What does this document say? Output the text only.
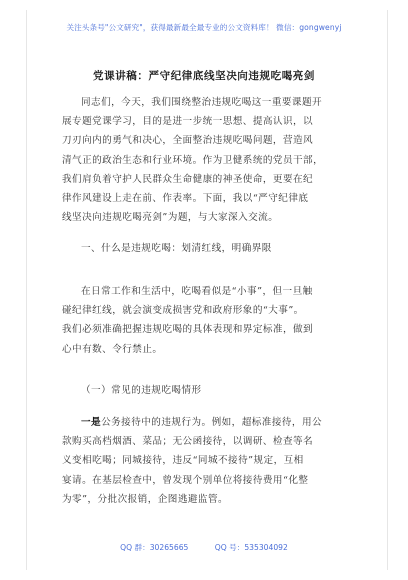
关注头条号"公文研究"，获得最新最全最专业的公文资料库！ 微信：gongwenyj
党课讲稿：严守纪律底线坚决向违规吃喝亮剑
同志们，今天，我们围绕整治违规吃喝这一重要课题开
展专题党课学习，目的是进一步统一思想、提高认识，以
刀刃向内的勇气和决心，全面整治违规吃喝问题，营造风
清气正的政治生态和行业环境。作为卫健系统的党员干部，
我们肩负着守护人民群众生命健康的神圣使命，更要在纪
律作风建设上走在前、作表率。下面，我以“严守纪律底
线坚决向违规吃喝亮剑”为题，与大家深入交流。
一、什么是违规吃喝：划清红线，明确界限
在日常工作和生活中，吃喝看似是“小事”，但一旦触
碰纪律红线，就会演变成损害党和政府形象的“大事”。
我们必须准确把握违规吃喝的具体表现和界定标准，做到
心中有数、令行禁止。
（一）常见的违规吃喝情形
一是公务接待中的违规行为。例如，超标准接待，用公
款购买高档烟酒、菜品；无公函接待，以调研、检查等名
义变相吃喝；同城接待，违反“同城不接待”规定，互相
宴请。在基层检查中，曾发现个别单位将接待费用“化整
为零”，分批次报销，企图逃避监管。
QQ 群：30265665	QQ 号：535304092
